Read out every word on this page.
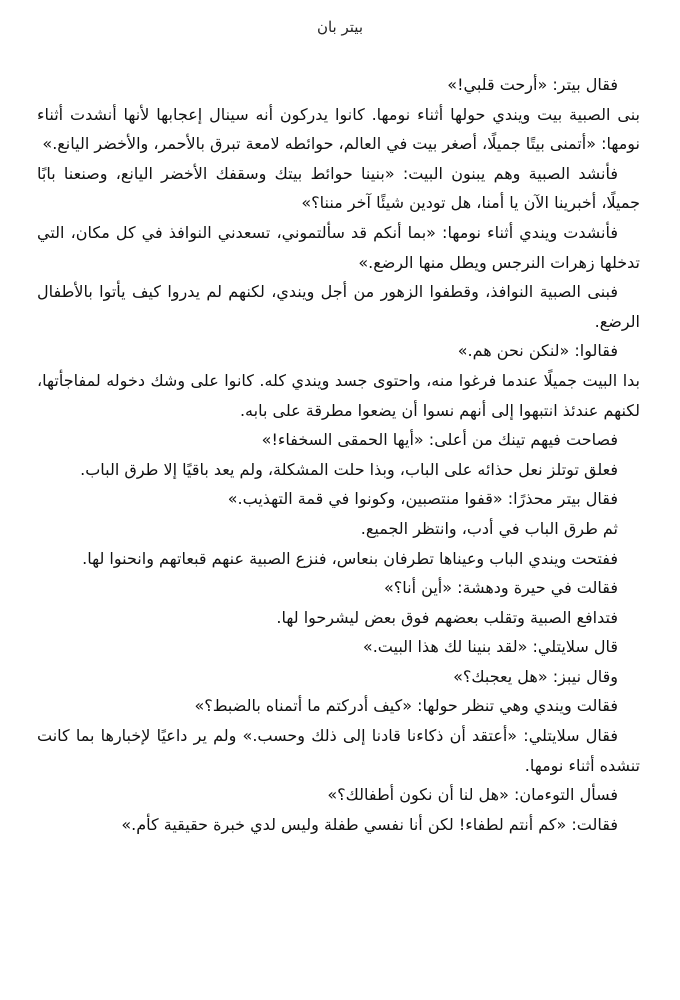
بيتر بان

فقال بيتر: «أرحت قلبي!»

بنى الصبية بيت ويندي حولها أثناء نومها. كانوا يدركون أنه سينال إعجابها لأنها أنشدت أثناء نومها: «أتمنى بيتًا جميلًا، أصغر بيت في العالم، حوائطه لامعة تبرق بالأحمر، والأخضر اليانع.»

فأنشد الصبية وهم يبنون البيت: «بنينا حوائط بيتك وسقفك الأخضر اليانع، وصنعنا بابًا جميلًا، أخبرينا الآن يا أمنا، هل تودين شيئًا آخر مننا؟»

فأنشدت ويندي أثناء نومها: «بما أنكم قد سألتموني، تسعدني النوافذ في كل مكان، التي تدخلها زهرات النرجس ويطل منها الرضع.»

فبنى الصبية النوافذ، وقطفوا الزهور من أجل ويندي، لكنهم لم يدروا كيف يأتوا بالأطفال الرضع.

فقالوا: «لنكن نحن هم.»

بدا البيت جميلًا عندما فرغوا منه، واحتوى جسد ويندي كله. كانوا على وشك دخوله لمفاجأتها، لكنهم عندئذ انتبهوا إلى أنهم نسوا أن يضعوا مطرقة على بابه.

فصاحت فيهم تينك من أعلى: «أيها الحمقى السخفاء!»

فعلق توتلز نعل حذائه على الباب، وبذا حلت المشكلة، ولم يعد باقيًا إلا طرق الباب.

فقال بيتر محذرًا: «قفوا منتصبين، وكونوا في قمة التهذيب.»

ثم طرق الباب في أدب، وانتظر الجميع.

ففتحت ويندي الباب وعيناها تطرفان بنعاس، فنزع الصبية عنهم قبعاتهم وانحنوا لها.

فقالت في حيرة ودهشة: «أين أنا؟»

فتدافع الصبية وتقلب بعضهم فوق بعض ليشرحوا لها.

قال سلايتلي: «لقد بنينا لك هذا البيت.»

وقال نيبز: «هل يعجبك؟»

فقالت ويندي وهي تنظر حولها: «كيف أدركتم ما أتمناه بالضبط؟»

فقال سلايتلي: «أعتقد أن ذكاءنا قادنا إلى ذلك وحسب.» ولم ير داعيًا لإخبارها بما كانت تنشده أثناء نومها.

فسأل التوءمان: «هل لنا أن نكون أطفالك؟»

فقالت: «كم أنتم لطفاء! لكن أنا نفسي طفلة وليس لدي خبرة حقيقية كأم.»
